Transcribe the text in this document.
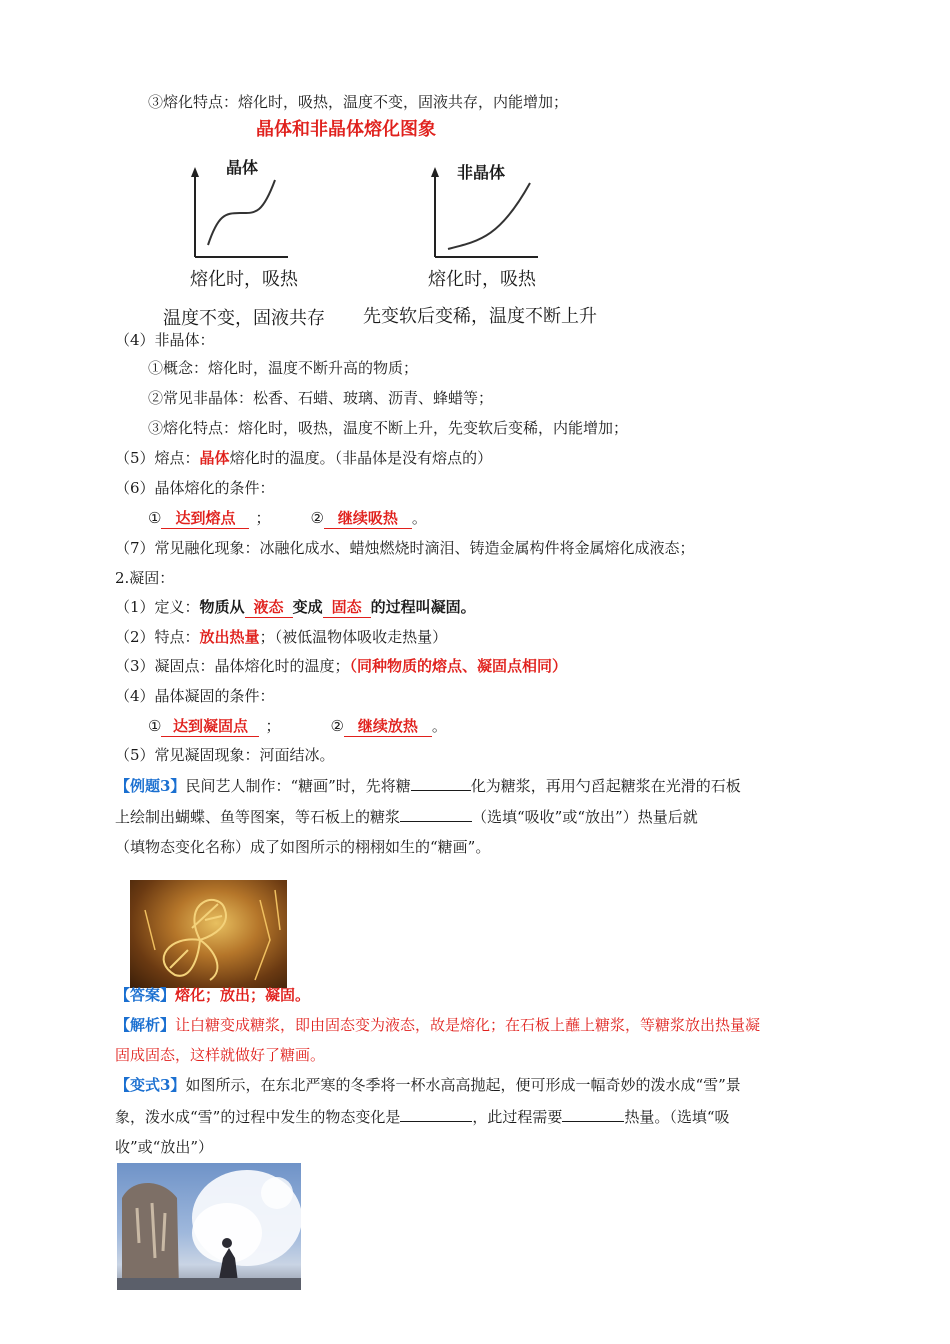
③熔化特点：熔化时，吸热，温度不变，固液共存，内能增加；
晶体和非晶体熔化图象
晶体	非晶体
熔化时，吸热	熔化时，吸热
温度不变，固液共存 先变软后变稀，温度不断上升
（4）非晶体：
①概念：熔化时，温度不断升高的物质；
②常见非晶体：松香、石蜡、玻璃、沥青、蜂蜡等；
③熔化特点：熔化时，吸热，温度不断上升，先变软后变稀，内能增加；
（5）熔点：晶体熔化时的温度。（非晶体是没有熔点的）
（6）晶体熔化的条件：
① 达到熔点 ；	② 继续吸热 。
（7）常见融化现象：冰融化成水、蜡烛燃烧时滴泪、铸造金属构件将金属熔化成液态；
2.凝固：
（1）定义：物质从 液态 变成 固态 的过程叫凝固。
（2）特点：放出热量；（被低温物体吸收走热量）
（3）凝固点：晶体熔化时的温度；（同种物质的熔点、凝固点相同）
（4）晶体凝固的条件：
① 达到凝固点 ；	② 继续放热 。
（5）常见凝固现象：河面结冰。
【例题3】民间艺人制作：“糖画”时，先将糖	化为糖浆，再用勺舀起糖浆在光滑的石板
上绘制出蝴蝶、鱼等图案，等石板上的糖浆	（选填“吸收”或“放出”）热量后就
（填物态变化名称）成了如图所示的栩栩如生的“糖画”。
【答案】熔化；放出；凝固。
【解析】让白糖变成糖浆，即由固态变为液态，故是熔化；在石板上蘸上糖浆，等糖浆放出热量凝
固成固态，这样就做好了糖画。
【变式3】如图所示，在东北严寒的冬季将一杯水高高抛起，便可形成一幅奇妙的泼水成“雪”景
象，泼水成“雪”的过程中发生的物态变化是	，此过程需要	热量。（选填“吸
收”或“放出”）
